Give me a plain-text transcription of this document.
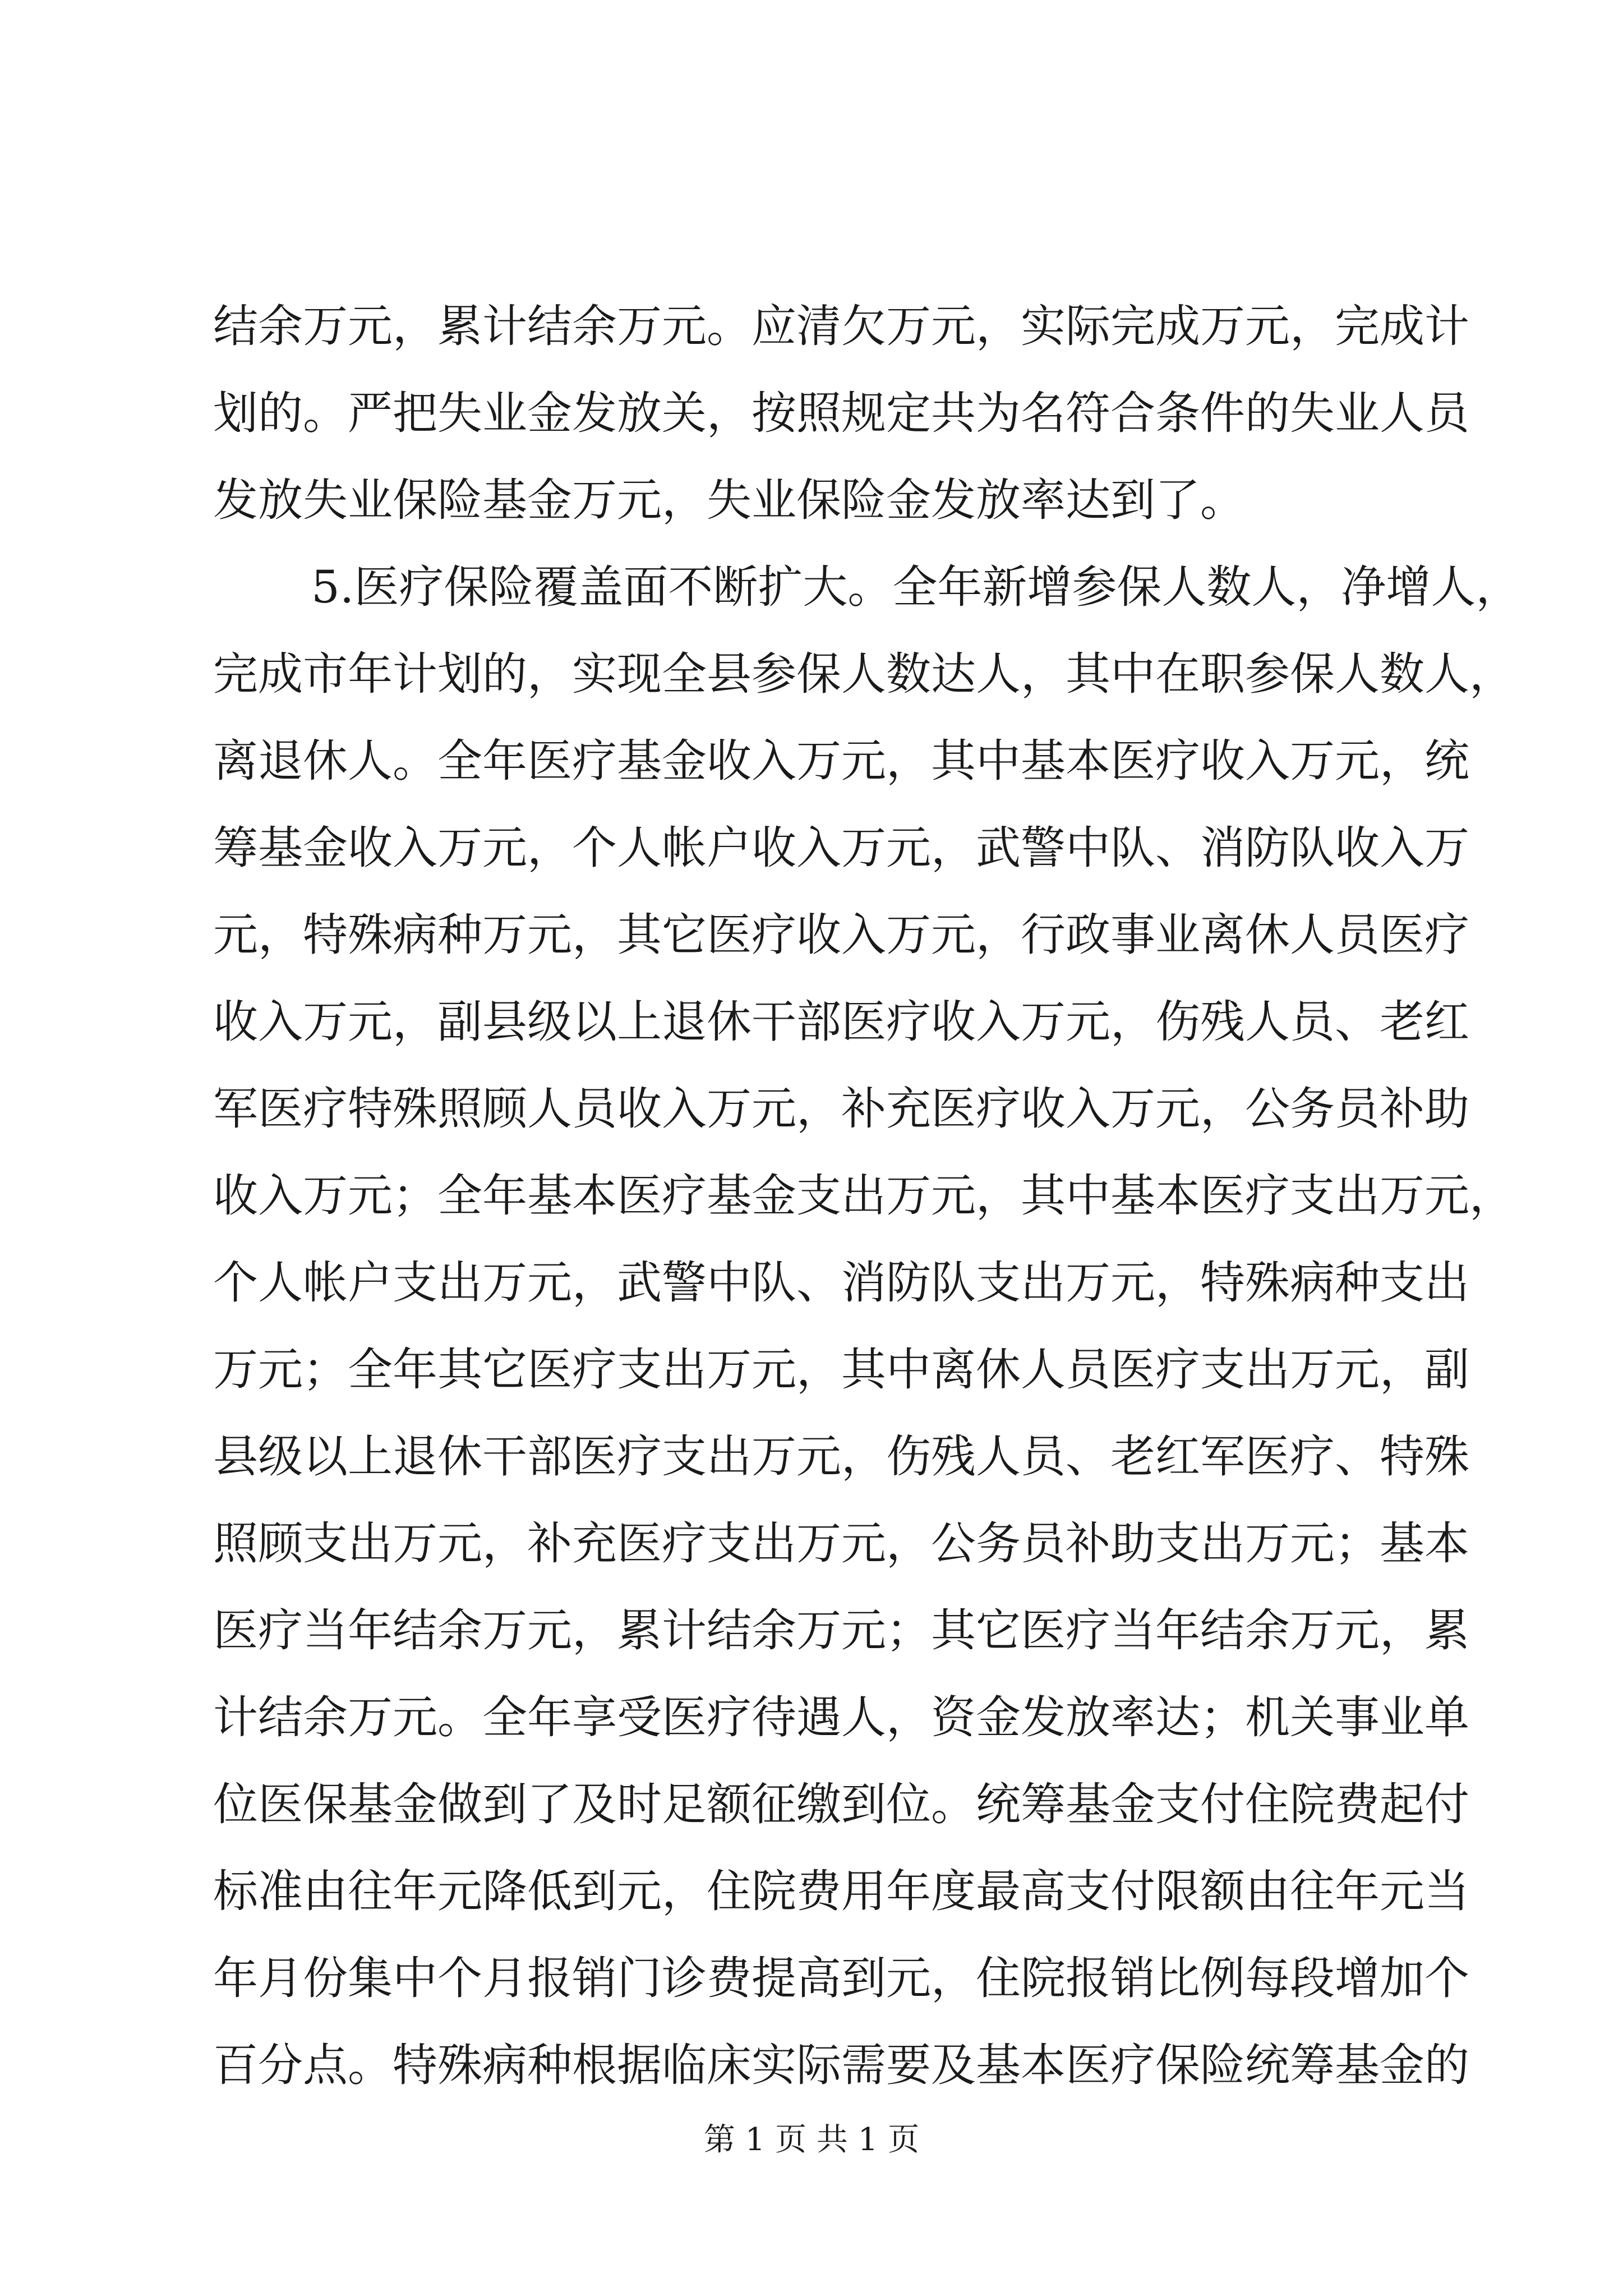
结余万元，累计结余万元。应清欠万元，实际完成万元，完成计
划的。严把失业金发放关，按照规定共为名符合条件的失业人员
发放失业保险基金万元，失业保险金发放率达到了。
5.医疗保险覆盖面不断扩大。全年新增参保人数人，净增人，
完成市年计划的，实现全县参保人数达人，其中在职参保人数人，
离退休人。全年医疗基金收入万元，其中基本医疗收入万元，统
筹基金收入万元，个人帐户收入万元，武警中队、消防队收入万
元，特殊病种万元，其它医疗收入万元，行政事业离休人员医疗
收入万元，副县级以上退休干部医疗收入万元，伤残人员、老红
军医疗特殊照顾人员收入万元，补充医疗收入万元，公务员补助
收入万元；全年基本医疗基金支出万元，其中基本医疗支出万元，
个人帐户支出万元，武警中队、消防队支出万元，特殊病种支出
万元；全年其它医疗支出万元，其中离休人员医疗支出万元，副
县级以上退休干部医疗支出万元，伤残人员、老红军医疗、特殊
照顾支出万元，补充医疗支出万元，公务员补助支出万元；基本
医疗当年结余万元，累计结余万元；其它医疗当年结余万元，累
计结余万元。全年享受医疗待遇人，资金发放率达；机关事业单
位医保基金做到了及时足额征缴到位。统筹基金支付住院费起付
标准由往年元降低到元，住院费用年度最高支付限额由往年元当
年月份集中个月报销门诊费提高到元，住院报销比例每段增加个
百分点。特殊病种根据临床实际需要及基本医疗保险统筹基金的
第 1 页 共 1 页
